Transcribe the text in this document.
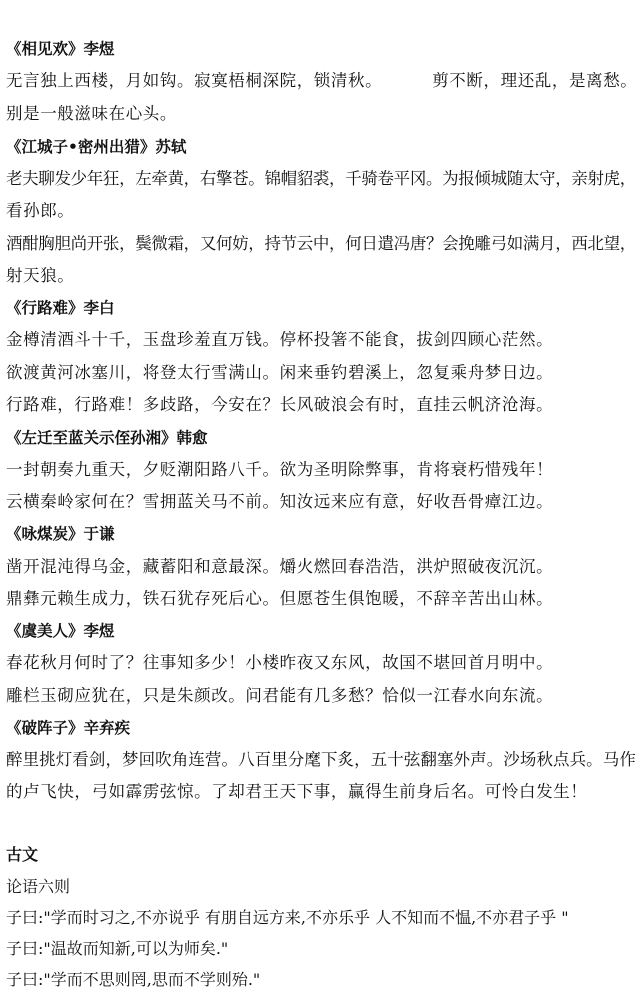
《相见欢》李煜
无言独上西楼，月如钩。寂寞梧桐深院，锁清秋。	剪不断，理还乱，是离愁。
别是一般滋味在心头。
《江城子•密州出猎》苏轼
老夫聊发少年狂，左牵黄，右擎苍。锦帽貂裘，千骑卷平冈。为报倾城随太守，亲射虎，
看孙郎。
酒酣胸胆尚开张，鬓微霜，又何妨，持节云中，何日遣冯唐？会挽雕弓如满月，西北望，
射天狼。
《行路难》李白
金樽清酒斗十千，玉盘珍羞直万钱。停杯投箸不能食，拔剑四顾心茫然。
欲渡黄河冰塞川，将登太行雪满山。闲来垂钓碧溪上，忽复乘舟梦日边。
行路难，行路难！多歧路，今安在？长风破浪会有时，直挂云帆济沧海。
《左迁至蓝关示侄孙湘》韩愈
一封朝奏九重天，夕贬潮阳路八千。欲为圣明除弊事，肯将衰朽惜残年！
云横秦岭家何在？雪拥蓝关马不前。知汝远来应有意，好收吾骨瘴江边。
《咏煤炭》于谦
凿开混沌得乌金，藏蓄阳和意最深。爝火燃回春浩浩，洪炉照破夜沉沉。
鼎彝元赖生成力，铁石犹存死后心。但愿苍生俱饱暖，不辞辛苦出山林。
《虞美人》李煜
春花秋月何时了？往事知多少！小楼昨夜又东风，故国不堪回首月明中。
雕栏玉砌应犹在，只是朱颜改。问君能有几多愁？恰似一江春水向东流。
《破阵子》辛弃疾
醉里挑灯看剑，梦回吹角连营。八百里分麾下炙，五十弦翻塞外声。沙场秋点兵。马作
的卢飞快，弓如霹雳弦惊。了却君王天下事，赢得生前身后名。可怜白发生！
古文
论语六则
子曰:"学而时习之,不亦说乎 有朋自远方来,不亦乐乎 人不知而不愠,不亦君子乎 "
子曰:"温故而知新,可以为师矣."
子曰:"学而不思则罔,思而不学则殆."
